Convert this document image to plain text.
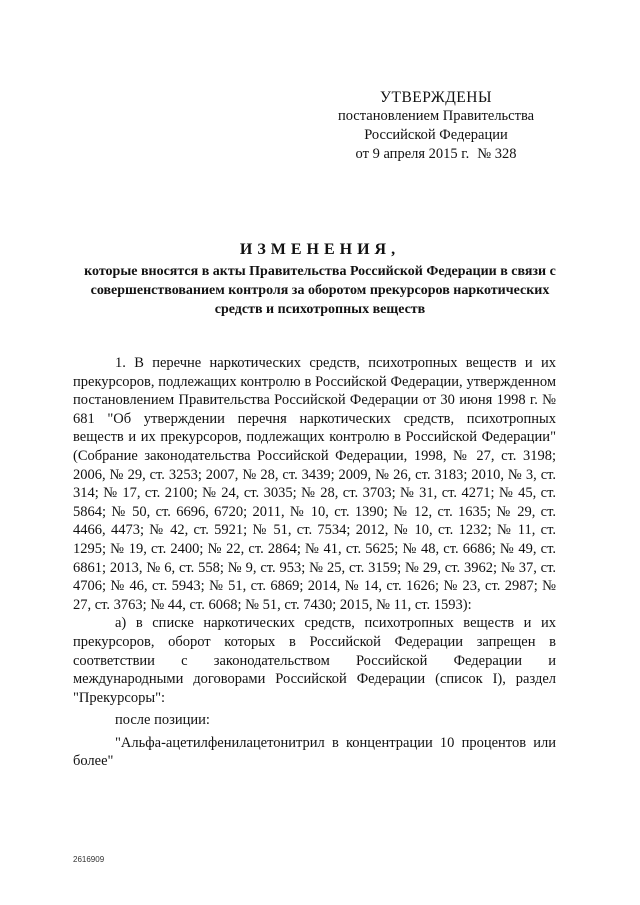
УТВЕРЖДЕНЫ
постановлением Правительства
Российской Федерации
от 9 апреля 2015 г. № 328
ИЗМЕНЕНИЯ,
которые вносятся в акты Правительства Российской Федерации в связи с совершенствованием контроля за оборотом прекурсоров наркотических средств и психотропных веществ

1. В перечне наркотических средств, психотропных веществ и их прекурсоров, подлежащих контролю в Российской Федерации, утвержденном постановлением Правительства Российской Федерации от 30 июня 1998 г. № 681 "Об утверждении перечня наркотических средств, психотропных веществ и их прекурсоров, подлежащих контролю в Российской Федерации" (Собрание законодательства Российской Федерации, 1998, № 27, ст. 3198; 2006, № 29, ст. 3253; 2007, № 28, ст. 3439; 2009, № 26, ст. 3183; 2010, № 3, ст. 314; № 17, ст. 2100; № 24, ст. 3035; № 28, ст. 3703; № 31, ст. 4271; № 45, ст. 5864; № 50, ст. 6696, 6720; 2011, № 10, ст. 1390; № 12, ст. 1635; № 29, ст. 4466, 4473; № 42, ст. 5921; № 51, ст. 7534; 2012, № 10, ст. 1232; № 11, ст. 1295; № 19, ст. 2400; № 22, ст. 2864; № 41, ст. 5625; № 48, ст. 6686; № 49, ст. 6861; 2013, № 6, ст. 558; № 9, ст. 953; № 25, ст. 3159; № 29, ст. 3962; № 37, ст. 4706; № 46, ст. 5943; № 51, ст. 6869; 2014, № 14, ст. 1626; № 23, ст. 2987; № 27, ст. 3763; № 44, ст. 6068; № 51, ст. 7430; 2015, № 11, ст. 1593):

а) в списке наркотических средств, психотропных веществ и их прекурсоров, оборот которых в Российской Федерации запрещен в соответствии с законодательством Российской Федерации и международными договорами Российской Федерации (список I), раздел "Прекурсоры":

после позиции:

"Альфа-ацетилфенилацетонитрил в концентрации 10 процентов или более"

2616909
